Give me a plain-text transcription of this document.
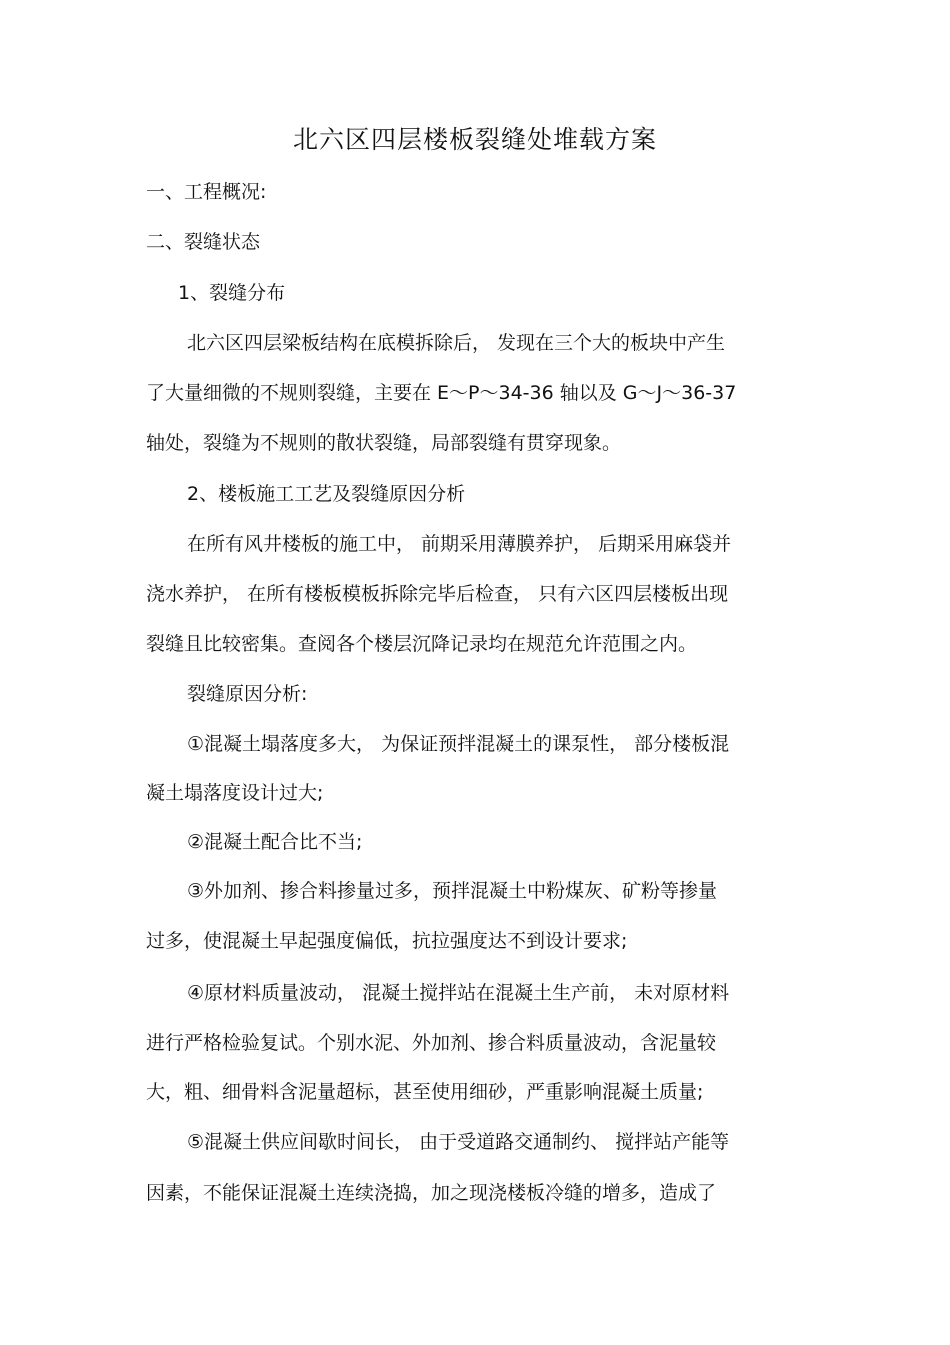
北六区四层楼板裂缝处堆载方案
一、工程概况:
二、裂缝状态
1、裂缝分布
北六区四层梁板结构在底模拆除后， 发现在三个大的板块中产生
了大量细微的不规则裂缝，主要在 E～P～34-36 轴以及 G～J～36-37
轴处，裂缝为不规则的散状裂缝，局部裂缝有贯穿现象。
2、楼板施工工艺及裂缝原因分析
在所有风井楼板的施工中， 前期采用薄膜养护， 后期采用麻袋并
浇水养护， 在所有楼板模板拆除完毕后检查， 只有六区四层楼板出现
裂缝且比较密集。查阅各个楼层沉降记录均在规范允许范围之内。
裂缝原因分析:
①混凝土塌落度多大， 为保证预拌混凝土的课泵性， 部分楼板混
凝土塌落度设计过大;
②混凝土配合比不当;
③外加剂、掺合料掺量过多，预拌混凝土中粉煤灰、矿粉等掺量
过多，使混凝土早起强度偏低，抗拉强度达不到设计要求;
④原材料质量波动， 混凝土搅拌站在混凝土生产前， 未对原材料
进行严格检验复试。个别水泥、外加剂、掺合料质量波动，含泥量较
大，粗、细骨料含泥量超标，甚至使用细砂，严重影响混凝土质量;
⑤混凝土供应间歇时间长， 由于受道路交通制约、 搅拌站产能等
因素，不能保证混凝土连续浇捣，加之现浇楼板冷缝的增多，造成了
